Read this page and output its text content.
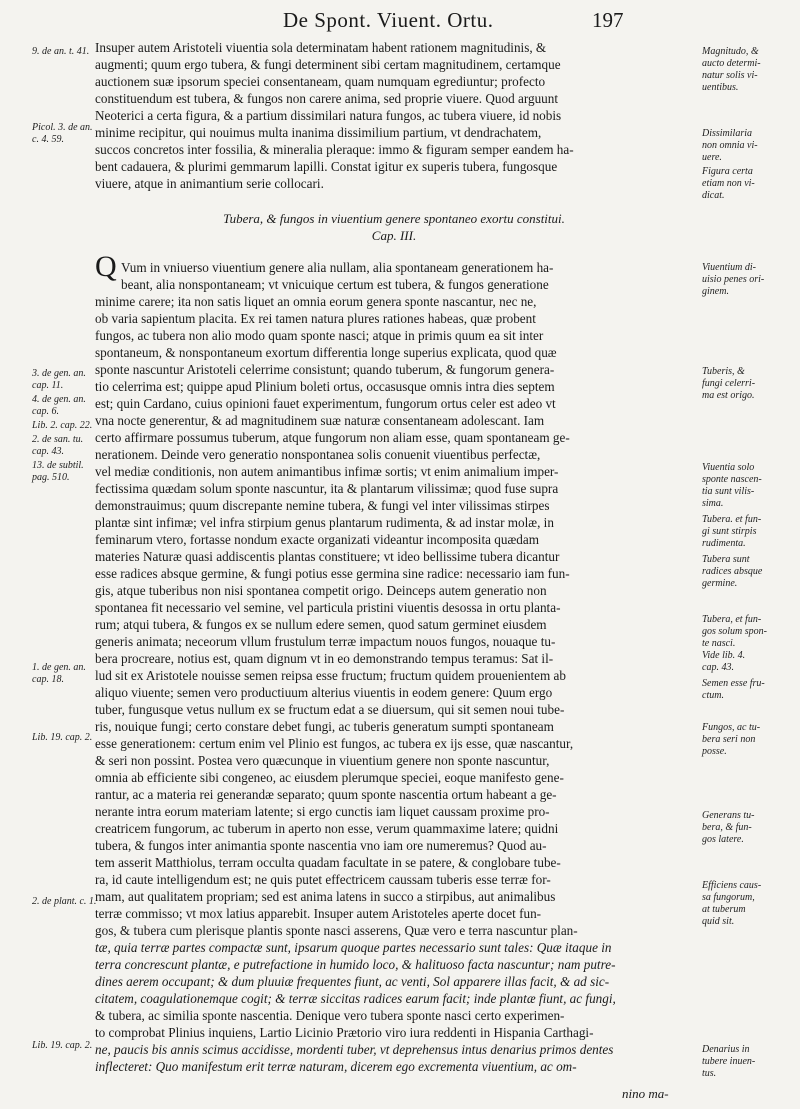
De Spont. Viuent. Ortu.	197
9. de an. t. 41.
Picol. 3. de an.
c. 4. 59.
3. de gen. an.
cap. 11.
4. de gen. an.
cap. 6.
Lib. 2. cap. 22.
2. de san. tu.
cap. 43.
13. de subtil.
pag. 510.
1. de gen. an.
cap. 18.
Lib. 19. cap. 2.
2. de plant. c. 1.
Lib. 19. cap. 2.
Insuper autem Aristoteli viuentia sola determinatam habent rationem magnitudinis, &
augmenti; quum ergo tubera, & fungi determinent sibi certam magnitudinem, certamque
auctionem suæ ipsorum speciei consentaneam, quam numquam egrediuntur; profecto
constituendum est tubera, & fungos non carere anima, sed proprie viuere. Quod arguunt
Neoterici a certa figura, & a partium dissimilari natura fungos, ac tubera viuere, id nobis
minime recipitur, qui nouimus multa inanima dissimilium partium, vt dendrachatem,
succos concretos inter fossilia, & mineralia pleraque: immo & figuram semper eandem ha-
bent cadauera, & plurimi gemmarum lapilli. Constat igitur ex superis tubera, fungosque
viuere, atque in animantium serie collocari.
Tubera, & fungos in viuentium genere spontaneo exortu constitui.
Cap. III.
Q Vum in vniuerso viuentium genere alia nullam, alia spontaneam generationem ha-
beant, alia nonspontaneam; vt vnicuique certum est tubera, & fungos generatione
minime carere; ita non satis liquet an omnia eorum genera sponte nascantur, nec ne,
ob varia sapientum placita. Ex rei tamen natura plures rationes habeas, quæ probent
fungos, ac tubera non alio modo quam sponte nasci; atque in primis quum ea sit inter
spontaneum, & nonspontaneum exortum differentia longe superius explicata, quod quæ
sponte nascuntur Aristoteli celerrime consistunt; quando tuberum, & fungorum genera-
tio celerrima est; quippe apud Plinium boleti ortus, occasusque omnis intra dies septem
est; quin Cardano, cuius opinioni fauet experimentum, fungorum ortus celer est adeo vt
vna nocte generentur, & ad magnitudinem suæ naturæ consentaneam adolescant. Iam
certo affirmare possumus tuberum, atque fungorum non aliam esse, quam spontaneam ge-
nerationem. Deinde vero generatio nonspontanea solis conuenit viuentibus perfectæ,
vel mediæ conditionis, non autem animantibus infimæ sortis; vt enim animalium imper-
fectissima quædam solum sponte nascuntur, ita & plantarum vilissimæ; quod fuse supra
demonstrauimus; quum discrepante nemine tubera, & fungi vel inter vilissimas stirpes
plantæ sint infimæ; vel infra stirpium genus plantarum rudimenta, & ad instar molæ, in
feminarum vtero, fortasse nondum exacte organizati videantur incomposita quædam
materies Naturæ quasi addiscentis plantas constituere; vt ideo bellissime tubera dicantur
esse radices absque germine, & fungi potius esse germina sine radice: necessario iam fun-
gis, atque tuberibus non nisi spontanea competit origo. Deinceps autem generatio non
spontanea fit necessario vel semine, vel particula pristini viuentis desossa in ortu planta-
rum; atqui tubera, & fungos ex se nullum edere semen, quod satum germinet eiusdem
generis animata; neceorum vllum frustulum terræ impactum nouos fungos, nouaque tu-
bera procreare, notius est, quam dignum vt in eo demonstrando tempus teramus: Sat il-
lud sit ex Aristotele nouisse semen reipsa esse fructum; fructum quidem prouenientem ab
aliquo viuente; semen vero productiuum alterius viuentis in eodem genere: Quum ergo
tuber, fungusque vetus nullum ex se fructum edat a se diuersum, qui sit semen noui tube-
ris, nouique fungi; certo constare debet fungi, ac tuberis generatum sumpti spontaneam
esse generationem: certum enim vel Plinio est fungos, ac tubera ex ijs esse, quæ nascantur,
& seri non possint. Postea vero quæcunque in viuentium genere non sponte nascuntur,
omnia ab efficiente sibi congeneo, ac eiusdem plerumque speciei, eoque manifesto gene-
rantur, ac a materia rei generandæ separato; quum sponte nascentia ortum habeant a ge-
nerante intra eorum materiam latente; si ergo cunctis iam liquet caussam proxime pro-
creatricem fungorum, ac tuberum in aperto non esse, verum quammaxime latere; quidni
tubera, & fungos inter animantia sponte nascentia vno iam ore numeremus? Quod au-
tem asserit Matthiolus, terram occulta quadam facultate in se patere, & conglobare tube-
ra, id caute intelligendum est; ne quis putet effectricem caussam tuberis esse terræ for-
mam, aut qualitatem propriam; sed est anima latens in succo a stirpibus, aut animalibus
terræ commisso; vt mox latius apparebit. Insuper autem Aristoteles aperte docet fun-
gos, & tubera cum plerisque plantis sponte nasci asserens, Quæ vero e terra nascuntur plan-
tæ, quia terræ partes compactæ sunt, ipsarum quoque partes necessario sunt tales: Quæ itaque in
terra concrescunt plantæ, e putrefactione in humido loco, & halituoso facta nascuntur; nam putre-
dines aerem occupant; & dum pluuiæ frequentes fiunt, ac venti, Sol apparere illas facit, & ad sic-
citatem, coagulationemque cogit; & terræ siccitas radices earum facit; inde plantæ fiunt, ac fungi,
& tubera, ac similia sponte nascentia. Denique vero tubera sponte nasci certo experimen-
to comprobat Plinius inquiens, Lartio Licinio Prætorio viro iura reddenti in Hispania Carthagi-
ne, paucis bis annis scimus accidisse, mordenti tuber, vt deprehensus intus denarius primos dentes
inflecteret: Quo manifestum erit terræ naturam, dicerem ego excrementa viuentium, ac om-
nino ma-
Magnitudo, &
aucto determi-
natur solis vi-
uentibus.
Dissimilaria
non omnia vi-
uere.
Figura certa
etiam non vi-
dicat.
Viuentium di-
uisio penes ori-
ginem.
Tuberis, &
fungi celerri-
ma est origo.
Viuentia solo
sponte nascen-
tia sunt vilis-
sima.
Tubera. et fun-
gi sunt stirpis
rudimenta.
Tubera sunt
radices absque
germine.
Tubera, et fun-
gos solum spon-
te nasci.
Vide lib. 4.
cap. 43.
Semen esse fru-
ctum.
Fungos, ac tu-
bera seri non
posse.
Generans tu-
bera, & fun-
gos latere.
Efficiens caus-
sa fungorum,
at tuberum
quid sit.
Denarius in
tubere inuen-
tus.
